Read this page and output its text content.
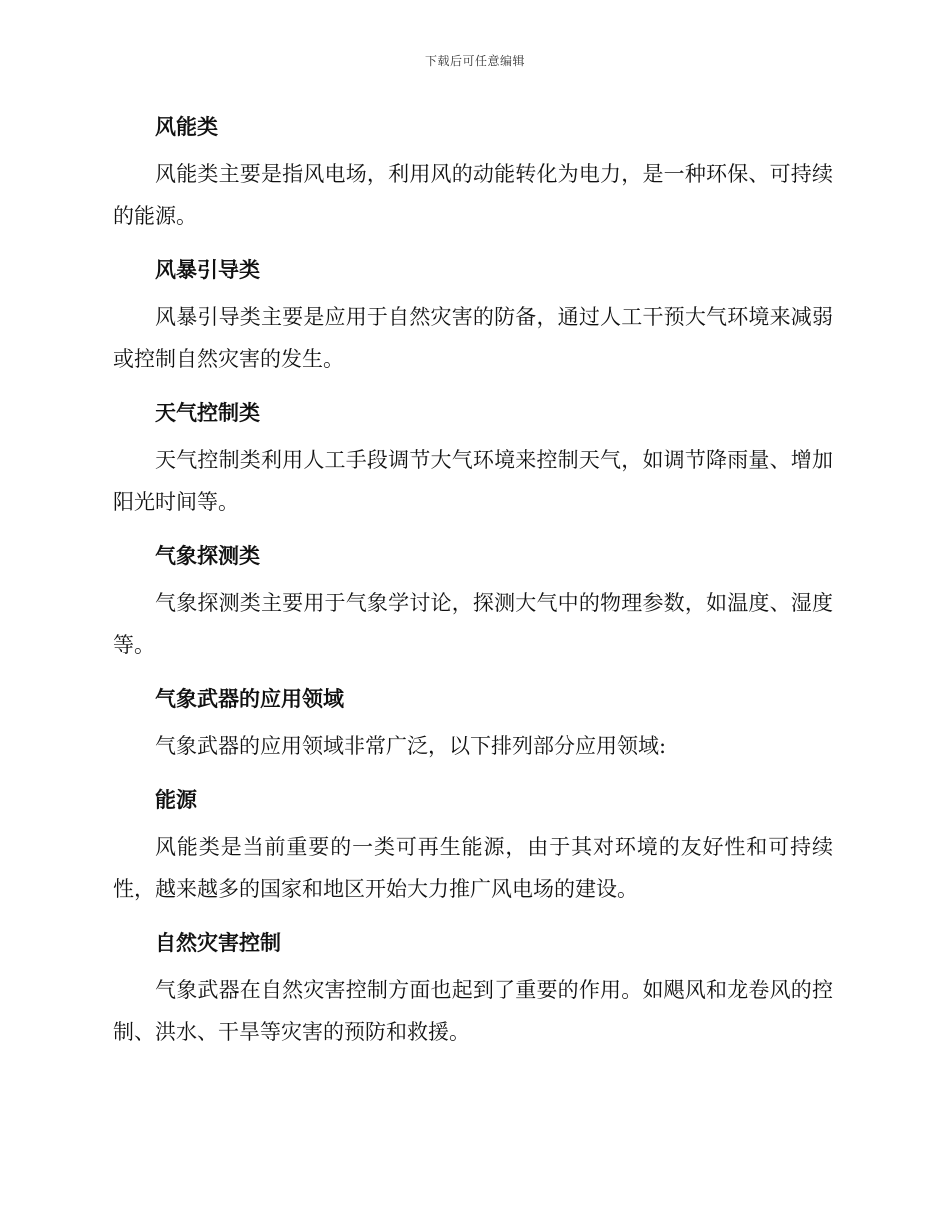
下载后可任意编辑
风能类

风能类主要是指风电场，利用风的动能转化为电力，是一种环保、可持续的能源。

风暴引导类

风暴引导类主要是应用于自然灾害的防备，通过人工干预大气环境来减弱或控制自然灾害的发生。

天气控制类

天气控制类利用人工手段调节大气环境来控制天气，如调节降雨量、增加阳光时间等。

气象探测类

气象探测类主要用于气象学讨论，探测大气中的物理参数，如温度、湿度等。

气象武器的应用领域

气象武器的应用领域非常广泛，以下排列部分应用领域:

能源

风能类是当前重要的一类可再生能源，由于其对环境的友好性和可持续性，越来越多的国家和地区开始大力推广风电场的建设。

自然灾害控制

气象武器在自然灾害控制方面也起到了重要的作用。如飓风和龙卷风的控制、洪水、干旱等灾害的预防和救援。
